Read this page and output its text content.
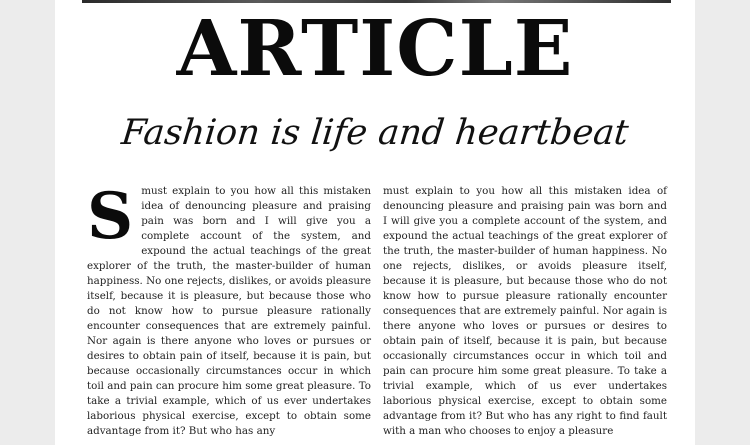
ARTICLE
Fashion is life and heartbeat

Smust explain to you how all this mistaken idea of denouncing pleasure and praising pain was born and I will give you a complete account of the system, and expound the actual teachings of the great explorer of the truth, the master-builder of human happiness. No one rejects, dislikes, or avoids pleasure itself, because it is pleasure, but because those who do not know how to pursue pleasure rationally encounter consequences that are extremely painful. Nor again is there anyone who loves or pursues or desires to obtain pain of itself, because it is pain, but because occasionally circumstances occur in which toil and pain can procure him some great pleasure. To take a trivial example, which of us ever undertakes laborious physical exercise, except to obtain some advantage from it? But who has any

must explain to you how all this mistaken idea of denouncing pleasure and praising pain was born and I will give you a complete account of the system, and expound the actual teachings of the great explorer of the truth, the master-builder of human happiness. No one rejects, dislikes, or avoids pleasure itself, because it is pleasure, but because those who do not know how to pursue pleasure rationally encounter consequences that are extremely painful. Nor again is there anyone who loves or pursues or desires to obtain pain of itself, because it is pain, but because occasionally circumstances occur in which toil and pain can procure him some great pleasure. To take a trivial example, which of us ever undertakes laborious physical exercise, except to obtain some advantage from it? But who has any right to find fault with a man who chooses to enjoy a pleasure
